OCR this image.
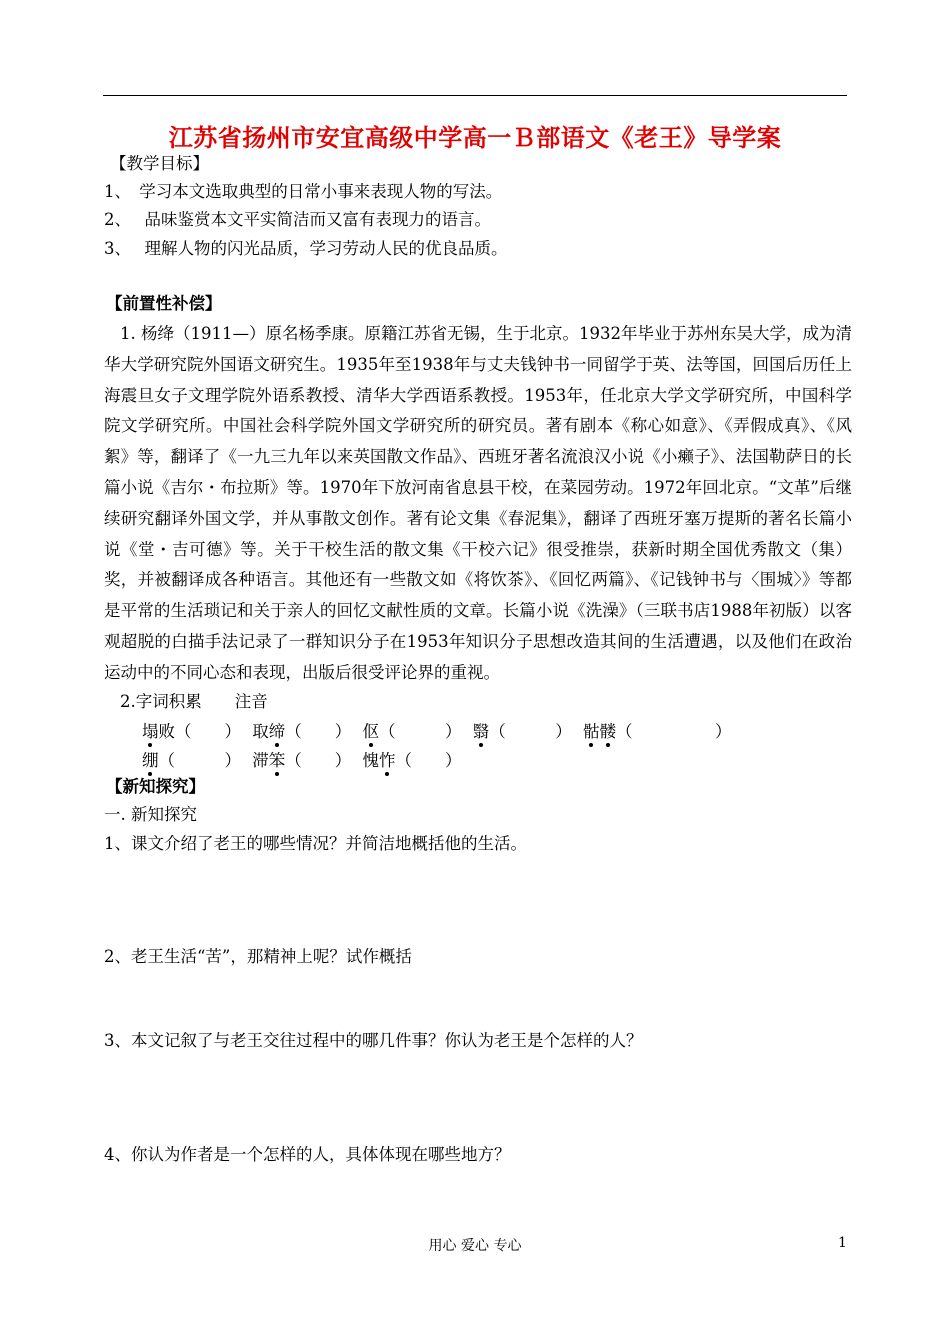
江苏省扬州市安宜高级中学高一Ｂ部语文《老王》导学案
【教学目标】
1、　学习本文选取典型的日常小事来表现人物的写法。
2、　 品味鉴赏本文平实简洁而又富有表现力的语言。
3、　 理解人物的闪光品质，学习劳动人民的优良品质。
【前置性补偿】
1. 杨绛（1911—）原名杨季康。原籍江苏省无锡，生于北京。1932年毕业于苏州东吴大学，成为清华大学研究院外国语文研究生。1935年至1938年与丈夫钱钟书一同留学于英、法等国，回国后历任上海震旦女子文理学院外语系教授、清华大学西语系教授。1953年，任北京大学文学研究所，中国科学院文学研究所。中国社会科学院外国文学研究所的研究员。著有剧本《称心如意》、《弄假成真》、《风絮》等，翻译了《一九三九年以来英国散文作品》、西班牙著名流浪汉小说《小癞子》、法国勒萨日的长篇小说《吉尔・布拉斯》等。1970年下放河南省息县干校，在菜园劳动。1972年回北京。“文革”后继续研究翻译外国文学，并从事散文创作。著有论文集《春泥集》，翻译了西班牙塞万提斯的著名长篇小说《堂・吉可德》等。关于干校生活的散文集《干校六记》很受推崇，获新时期全国优秀散文（集）奖，并被翻译成各种语言。其他还有一些散文如《将饮茶》、《回忆两篇》、《记钱钟书与〈围城〉》等都是平常的生活琐记和关于亲人的回忆文献性质的文章。长篇小说《洗澡》（三联书店1988年初版）以客观超脱的白描手法记录了一群知识分子在1953年知识分子思想改造其间的生活遭遇，以及他们在政治运动中的不同心态和表现，出版后很受评论界的重视。
2.字词积累　　注音
塌败（　　） 取缔（　　） 伛（　　　） 翳（　　　） 骷髅（　　　　　）
绷（　　　） 滞笨（　　） 愧怍（　　）
【新知探究】
一. 新知探究
1、课文介绍了老王的哪些情况？并简洁地概括他的生活。
2、老王生活“苦”，那精神上呢？试作概括
3、本文记叙了与老王交往过程中的哪几件事？你认为老王是个怎样的人？
4、你认为作者是一个怎样的人，具体体现在哪些地方？
用心 爱心 专心	1
